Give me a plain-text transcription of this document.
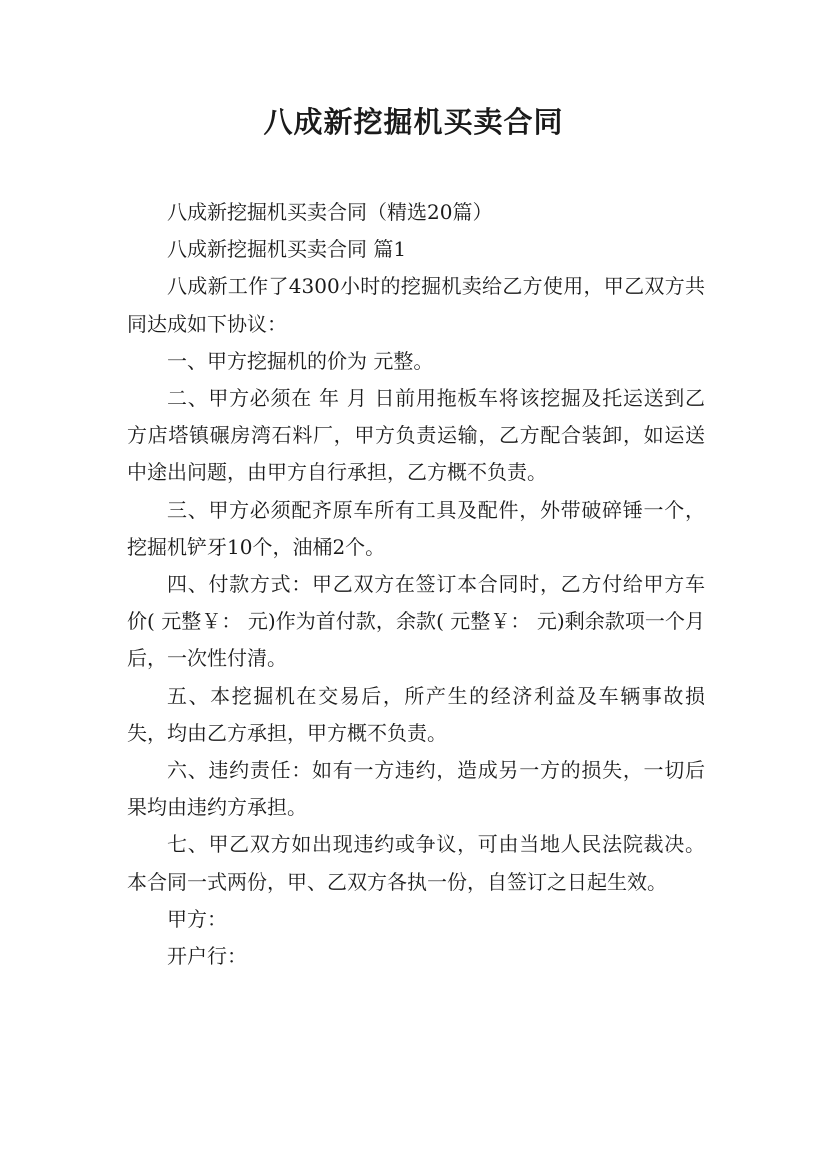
八成新挖掘机买卖合同

八成新挖掘机买卖合同（精选20篇）

八成新挖掘机买卖合同 篇1

八成新工作了4300小时的挖掘机卖给乙方使用，甲乙双方共同达成如下协议：

一、甲方挖掘机的价为 元整。

二、甲方必须在 年 月 日前用拖板车将该挖掘及托运送到乙方店塔镇碾房湾石料厂，甲方负责运输，乙方配合装卸，如运送中途出问题，由甲方自行承担，乙方概不负责。

三、甲方必须配齐原车所有工具及配件，外带破碎锤一个，挖掘机铲牙10个，油桶2个。

四、付款方式：甲乙双方在签订本合同时，乙方付给甲方车价( 元整￥： 元)作为首付款，余款( 元整￥： 元)剩余款项一个月后，一次性付清。

五、本挖掘机在交易后，所产生的经济利益及车辆事故损失，均由乙方承担，甲方概不负责。

六、违约责任：如有一方违约，造成另一方的损失，一切后果均由违约方承担。

七、甲乙双方如出现违约或争议，可由当地人民法院裁决。本合同一式两份，甲、乙双方各执一份，自签订之日起生效。

甲方：

开户行：
